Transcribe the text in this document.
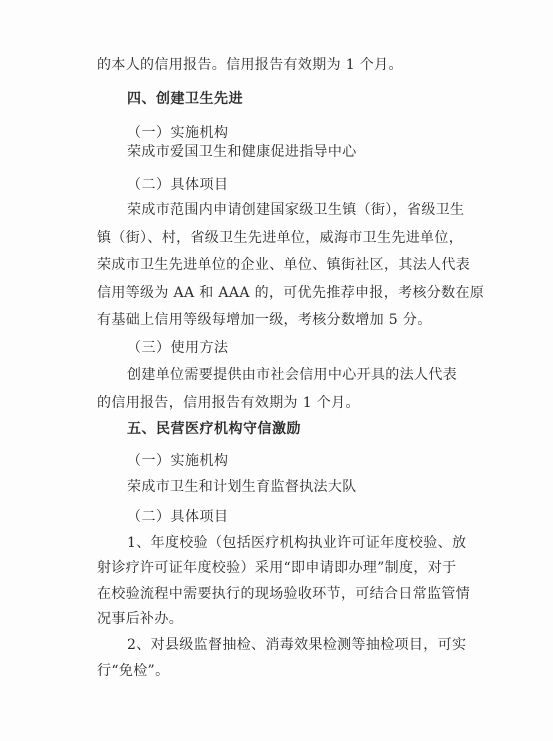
的本人的信用报告。信用报告有效期为 1 个月。
四、创建卫生先进
（一）实施机构
荣成市爱国卫生和健康促进指导中心
（二）具体项目
荣成市范围内申请创建国家级卫生镇（街），省级卫生
镇（街）、村，省级卫生先进单位，威海市卫生先进单位，
荣成市卫生先进单位的企业、单位、镇街社区，其法人代表
信用等级为 AA 和 AAA 的，可优先推荐申报，考核分数在原
有基础上信用等级每增加一级，考核分数增加 5 分。
（三）使用方法
创建单位需要提供由市社会信用中心开具的法人代表
的信用报告，信用报告有效期为 1 个月。
五、民营医疗机构守信激励
（一）实施机构
荣成市卫生和计划生育监督执法大队
（二）具体项目
1、年度校验（包括医疗机构执业许可证年度校验、放
射诊疗许可证年度校验）采用“即申请即办理”制度，对于
在校验流程中需要执行的现场验收环节，可结合日常监管情
况事后补办。
2、对县级监督抽检、消毒效果检测等抽检项目，可实
行“免检”。
